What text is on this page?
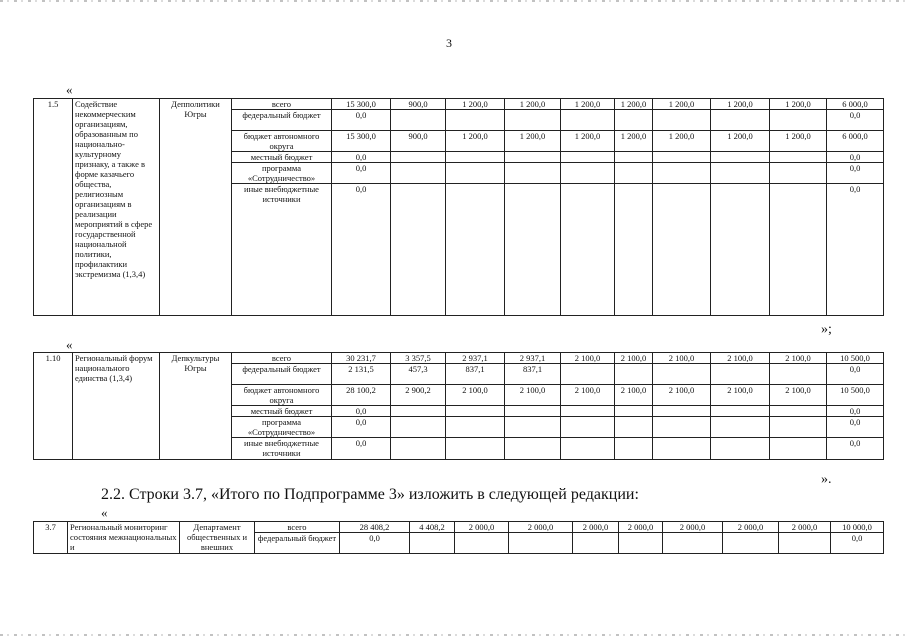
3
«
1.5	Содействие некоммерческим организациям, образованным по национально-культурному признаку, а также в форме казачьего общества, религиозным организациям в реализации мероприятий в сфере государственной национальной политики, профилактики экстремизма (1,3,4)	Депполитики Югры	всего	15 300,0	900,0	1 200,0	1 200,0	1 200,0	1 200,0	1 200,0	1 200,0	1 200,0	6 000,0
			федеральный бюджет	0,0									0,0
			бюджет автономного округа	15 300,0	900,0	1 200,0	1 200,0	1 200,0	1 200,0	1 200,0	1 200,0	1 200,0	6 000,0
			местный бюджет	0,0									0,0
			программа «Сотрудничество»	0,0									0,0
			иные внебюджетные источники	0,0									0,0
»;
«
1.10	Региональный форум национального единства (1,3,4)	Депкультуры Югры	всего	30 231,7	3 357,5	2 937,1	2 937,1	2 100,0	2 100,0	2 100,0	2 100,0	2 100,0	10 500,0
			федеральный бюджет	2 131,5	457,3	837,1	837,1						0,0
			бюджет автономного округа	28 100,2	2 900,2	2 100,0	2 100,0	2 100,0	2 100,0	2 100,0	2 100,0	2 100,0	10 500,0
			местный бюджет	0,0									0,0
			программа «Сотрудничество»	0,0									0,0
			иные внебюджетные источники	0,0									0,0
».
2.2. Строки 3.7, «Итого по Подпрограмме 3» изложить в следующей редакции:
«
3.7	Региональный мониторинг состояния межнациональных и	Департамент общественных и внешних	всего	28 408,2	4 408,2	2 000,0	2 000,0	2 000,0	2 000,0	2 000,0	2 000,0	2 000,0	10 000,0
			федеральный бюджет	0,0									0,0
